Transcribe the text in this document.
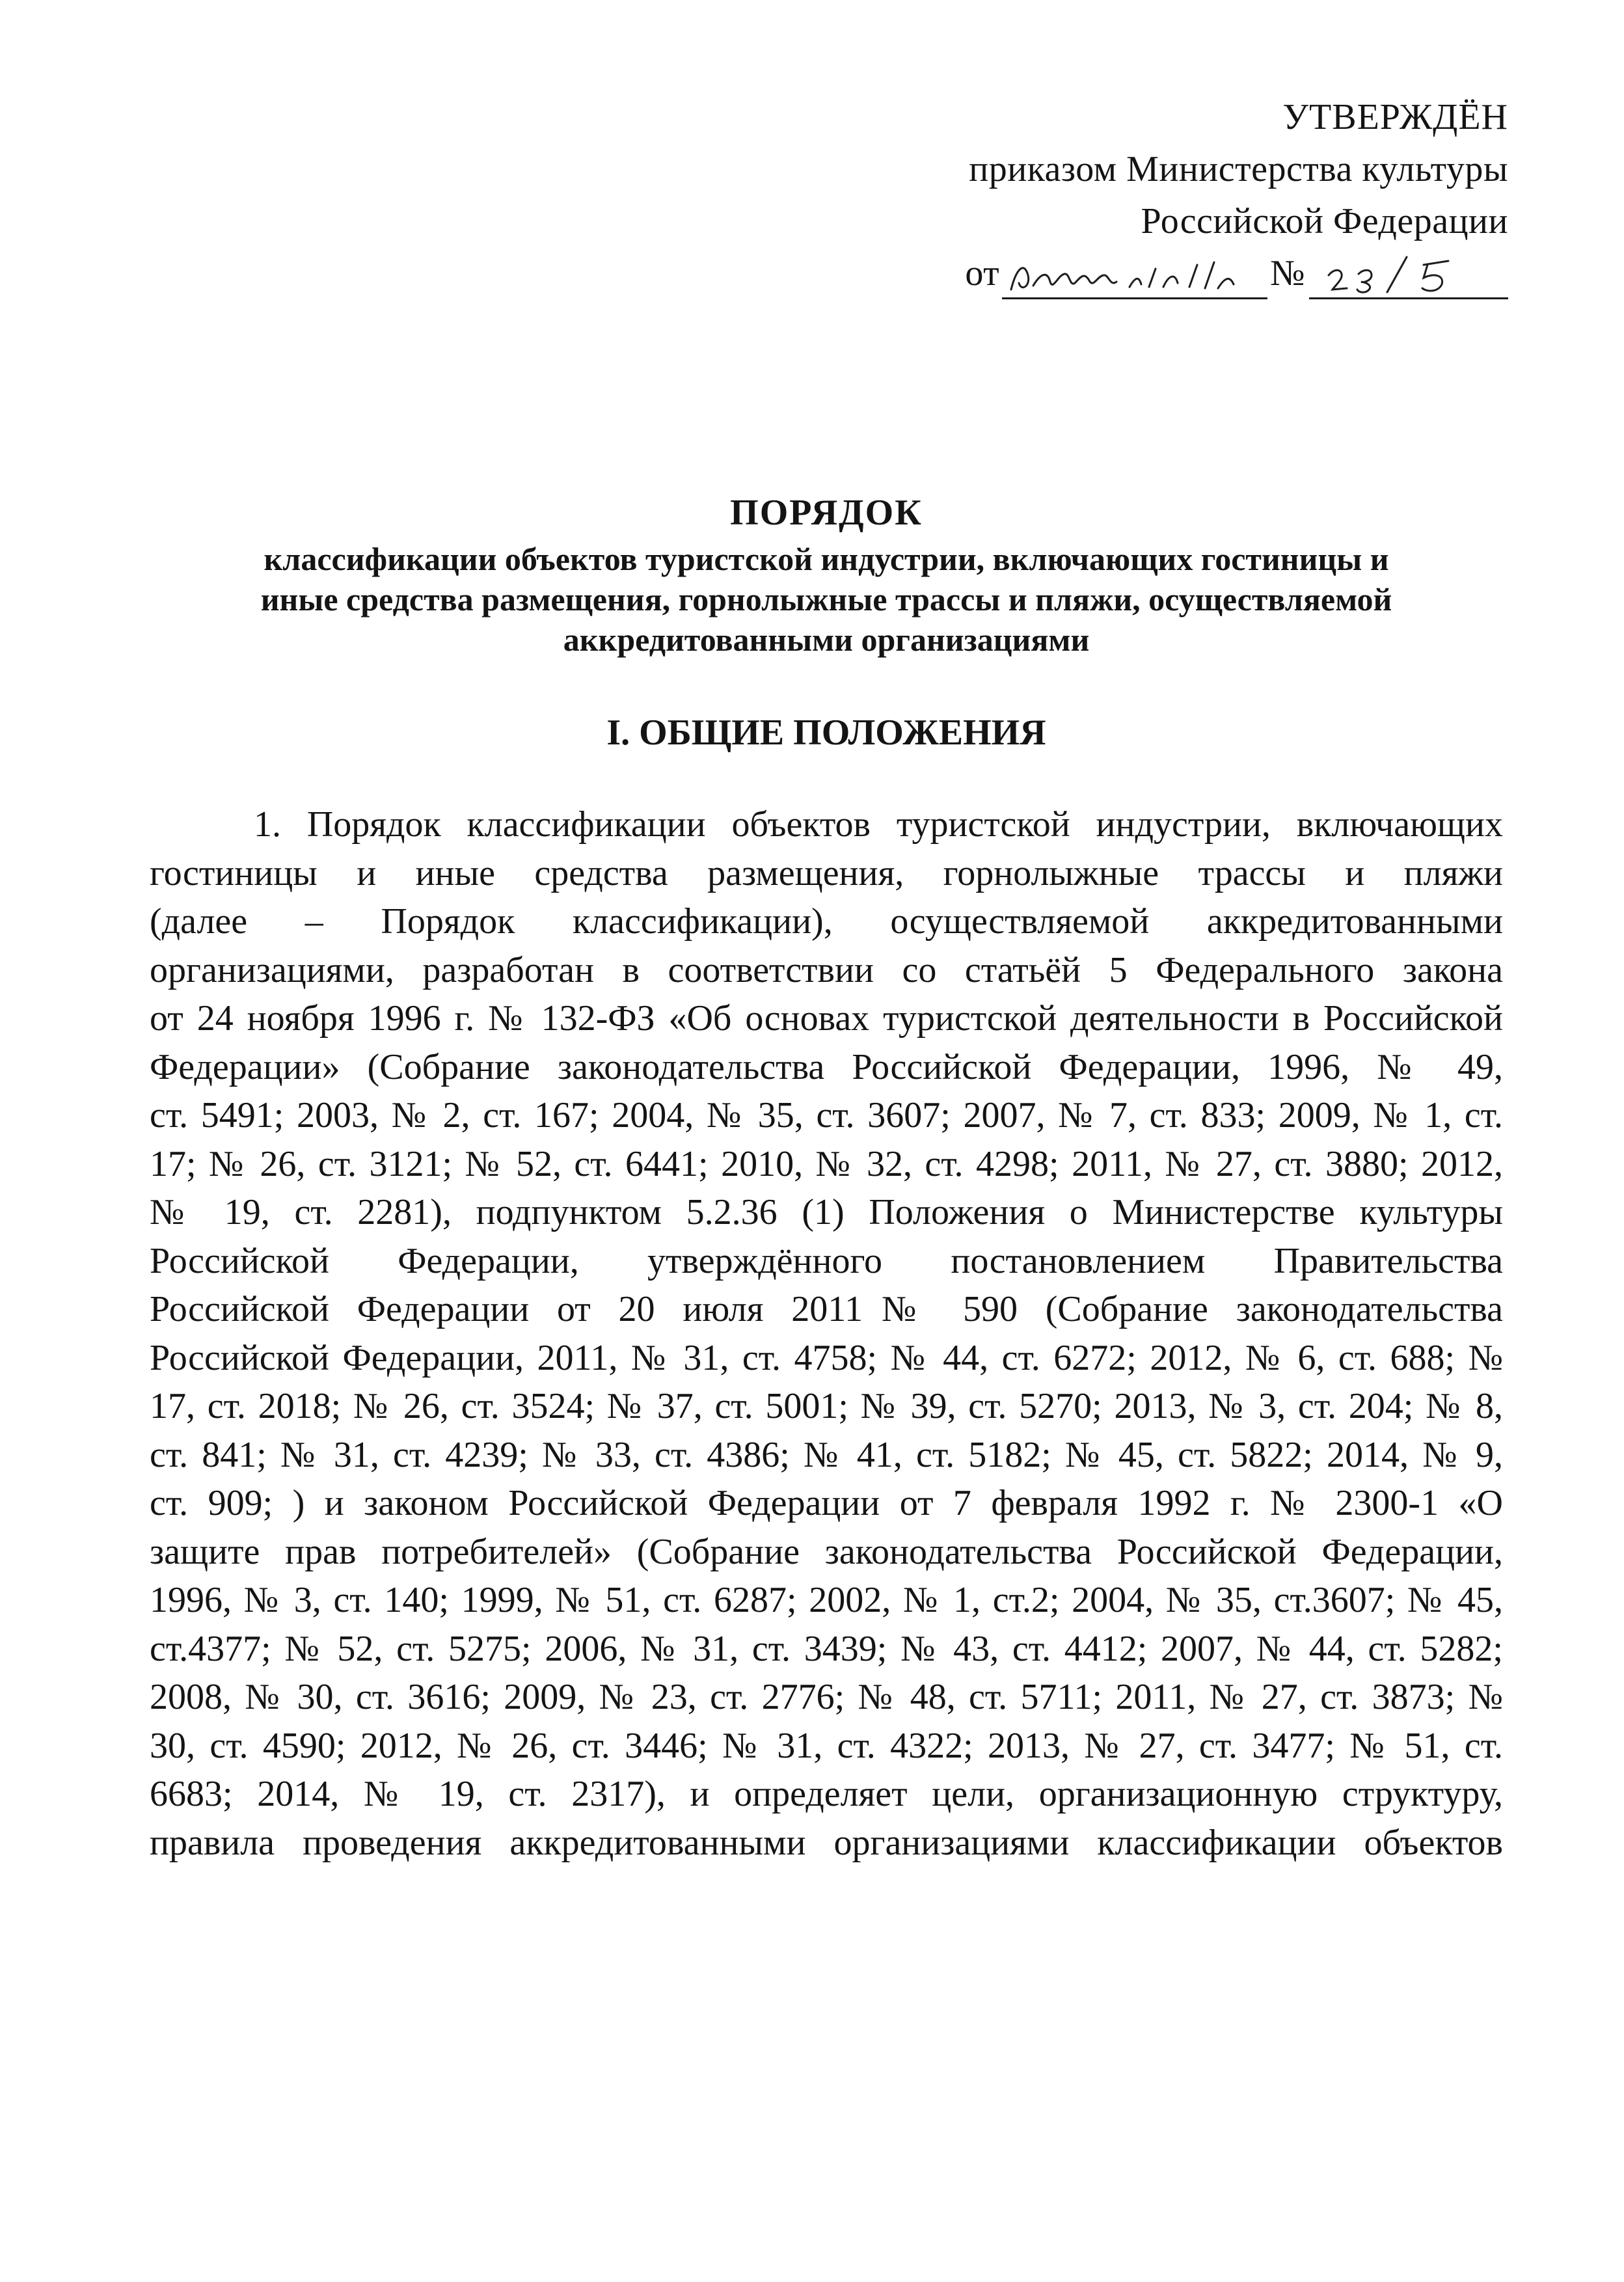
УТВЕРЖДЁН
приказом Министерства культуры
Российской Федерации
от	№
ПОРЯДОК
классификации объектов туристской индустрии, включающих гостиницы и
иные средства размещения, горнолыжные трассы и пляжи, осуществляемой
аккредитованными организациями
I. ОБЩИЕ ПОЛОЖЕНИЯ
1. Порядок классификации объектов туристской индустрии, включающих
гостиницы и иные средства размещения, горнолыжные трассы и пляжи
(далее – Порядок классификации), осуществляемой аккредитованными
организациями, разработан в соответствии со статьёй 5 Федерального закона
от 24 ноября 1996 г. № 132-ФЗ «Об основах туристской деятельности в Российской
Федерации» (Собрание законодательства Российской Федерации, 1996, № 49,
ст. 5491; 2003, № 2, ст. 167; 2004, № 35, ст. 3607; 2007, № 7, ст. 833; 2009, № 1, ст.
17; № 26, ст. 3121; № 52, ст. 6441; 2010, № 32, ст. 4298; 2011, № 27, ст. 3880; 2012,
№ 19, ст. 2281), подпунктом 5.2.36 (1) Положения о Министерстве культуры
Российской Федерации, утверждённого постановлением Правительства
Российской Федерации от 20 июля 2011№ 590 (Собрание законодательства
Российской Федерации, 2011, № 31, ст. 4758; № 44, ст. 6272; 2012, № 6, ст. 688; №
17, ст. 2018; № 26, ст. 3524; № 37, ст. 5001; № 39, ст. 5270; 2013, № 3, ст. 204; № 8,
ст. 841; № 31, ст. 4239; № 33, ст. 4386; № 41, ст. 5182; № 45, ст. 5822; 2014, № 9,
ст. 909; ) и законом Российской Федерации от 7 февраля 1992 г. № 2300-1 «О
защите прав потребителей» (Собрание законодательства Российской Федерации,
1996, № 3, ст. 140; 1999, № 51, ст. 6287; 2002, № 1, ст.2; 2004, № 35, ст.3607; № 45,
ст.4377; № 52, ст. 5275; 2006, № 31, ст. 3439; № 43, ст. 4412; 2007, № 44, ст. 5282;
2008, № 30, ст. 3616; 2009, № 23, ст. 2776; № 48, ст. 5711; 2011, № 27, ст. 3873; №
30, ст. 4590; 2012, № 26, ст. 3446; № 31, ст. 4322; 2013, № 27, ст. 3477; № 51, ст.
6683; 2014, № 19, ст. 2317), и определяет цели, организационную структуру,
правила проведения аккредитованными организациями классификации объектов
